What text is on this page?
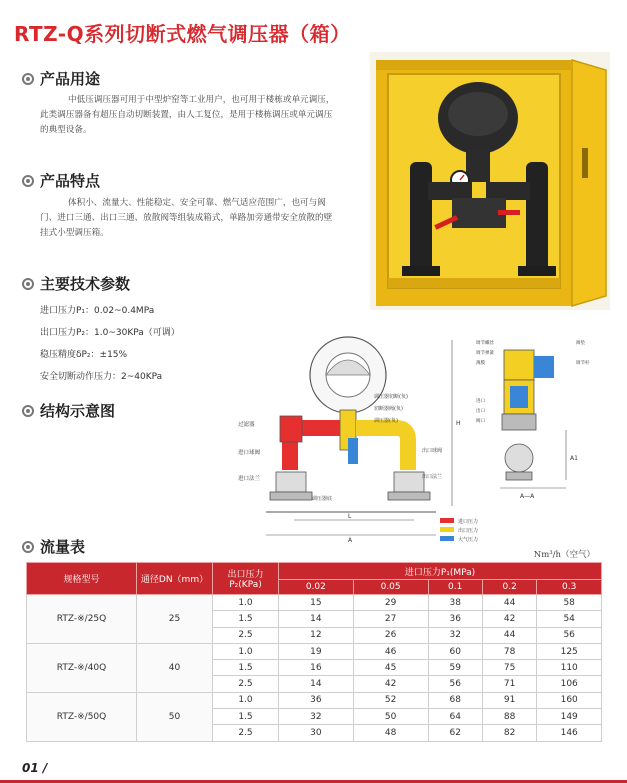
RTZ-Q系列切断式燃气调压器（箱）
产品用途
中低压调压器可用于中型炉窑等工业用户，也可用于楼栋或单元调压，此类调压器备有超压自动切断装置，由人工复位，是用于楼栋调压或单元调压的典型设备。
产品特点
体积小、流量大、性能稳定、安全可靠、燃气适应范围广，也可与阀门、进口三通、出口三通、放散阀等组装成箱式，单路加旁通带安全放散的壁挂式小型调压箱。
主要技术参数
进口压力P₁：0.02~0.4MPa
出口压力P₂：1.0~30KPa（可调）
稳压精度δP₂：±15%
安全切断动作压力：2~40KPa
结构示意图
过滤器
进口球阀
进口法兰
调压器切断(负)
切断器阀(负)
调压器(负)
出口球阀
出口法兰
调压器底
H
L
A
调节螺丝
调节弹簧
薄膜
进口
出口
阀口
阀垫
调节杆
A1
A—A
进口压力
出口压力
大气压力
流量表	Nm³/h（空气）
规格型号	通径DN（mm）	出口压力P₂(KPa)	进口压力P₁(MPa)				
			0.02	0.05	0.1	0.2	0.3
RTZ-※/25Q	25	1.0	15	29	38	44	58
		1.5	14	27	36	42	54
		2.5	12	26	32	44	56
RTZ-※/40Q	40	1.0	19	46	60	78	125
		1.5	16	45	59	75	110
		2.5	14	42	56	71	106
RTZ-※/50Q	50	1.0	36	52	68	91	160
		1.5	32	50	64	88	149
		2.5	30	48	62	82	146
01 /
